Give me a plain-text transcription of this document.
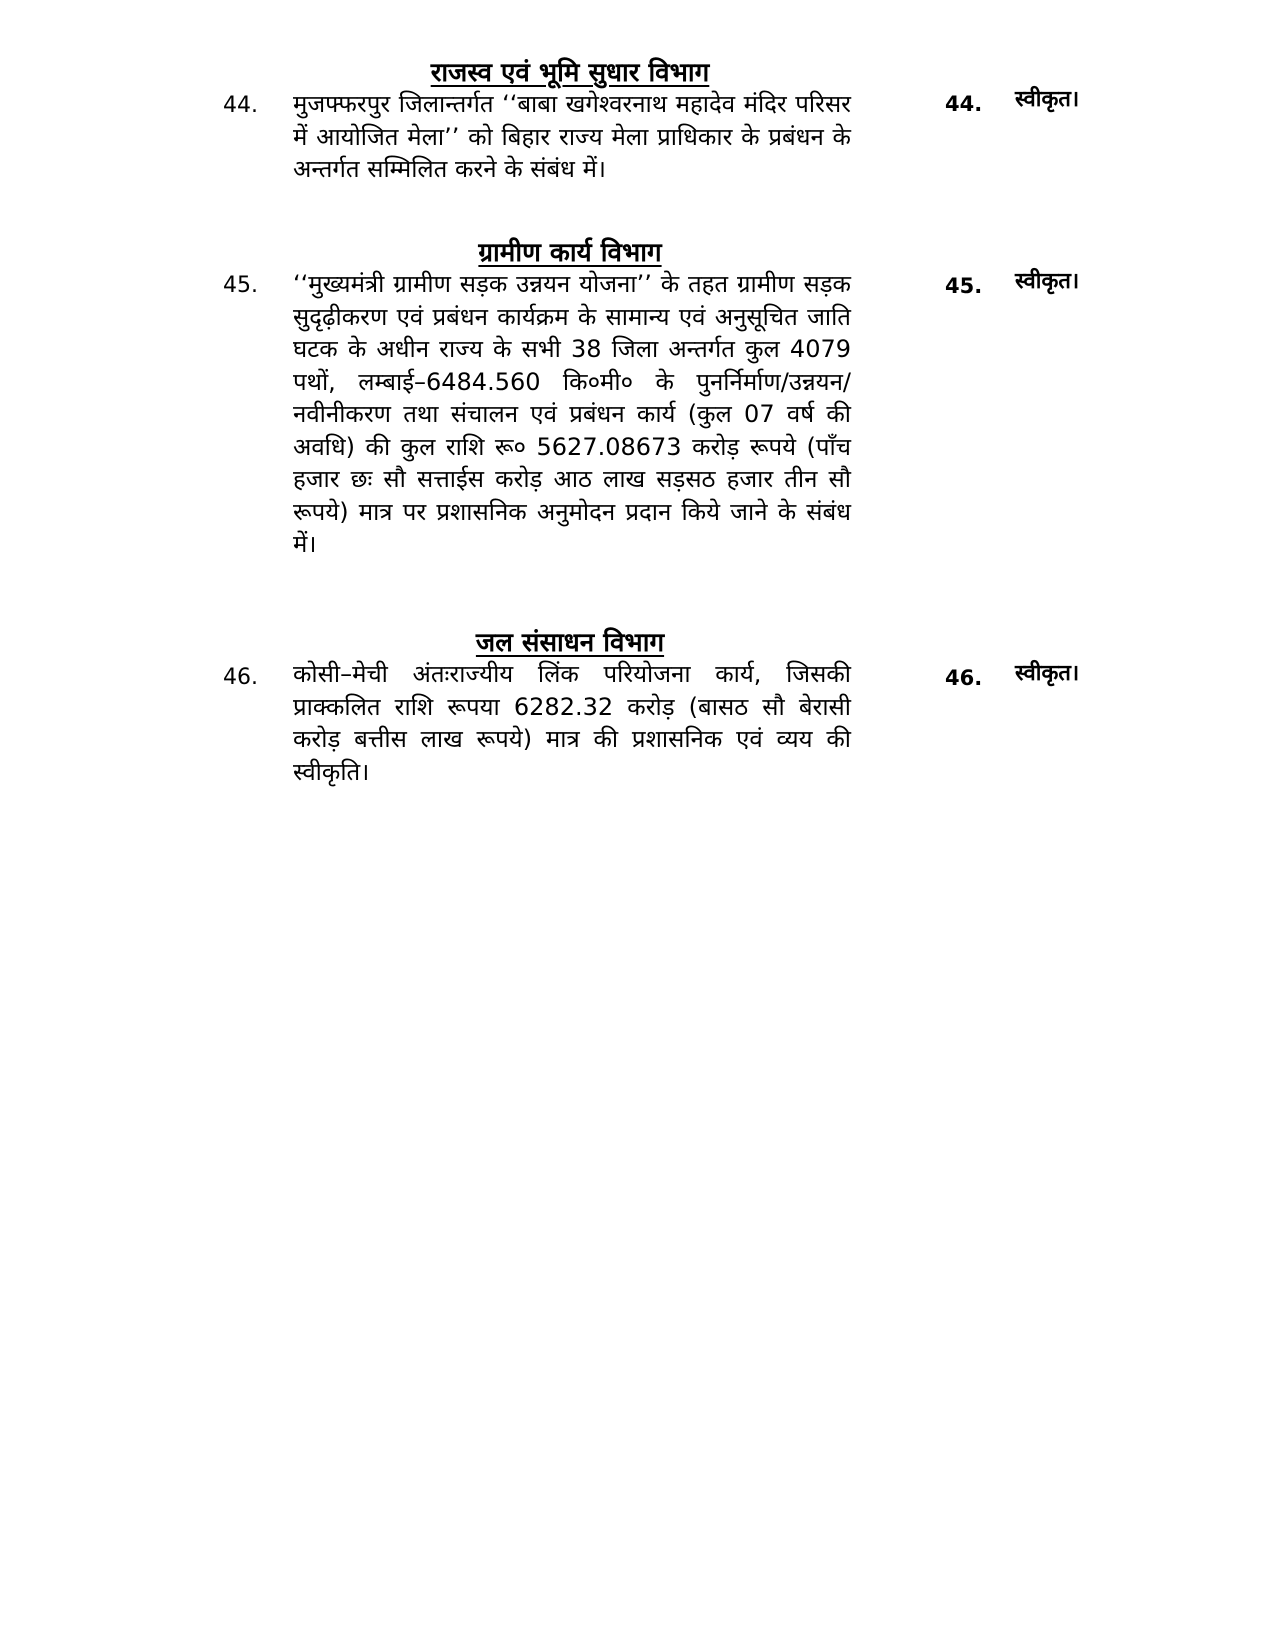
राजस्व एवं भूमि सुधार विभाग
44.	मुजफ्फरपुर जिलान्तर्गत ‘‘बाबा खगेश्वरनाथ महादेव मंदिर परिसर में आयोजित मेला’’ को बिहार राज्य मेला प्राधिकार के प्रबंधन के अन्तर्गत सम्मिलित करने के संबंध में।
44.	स्वीकृत।
ग्रामीण कार्य विभाग
45.	‘‘मुख्यमंत्री ग्रामीण सड़क उन्नयन योजना’’ के तहत ग्रामीण सड़क सुदृढ़ीकरण एवं प्रबंधन कार्यक्रम के सामान्य एवं अनुसूचित जाति घटक के अधीन राज्य के सभी 38 जिला अन्तर्गत कुल 4079 पथों, लम्बाई–6484.560 कि०मी० के पुनर्निर्माण/उन्नयन/नवीनीकरण तथा संचालन एवं प्रबंधन कार्य (कुल 07 वर्ष की अवधि) की कुल राशि रू० 5627.08673 करोड़ रूपये (पाँच हजार छः सौ सत्ताईस करोड़ आठ लाख सड़सठ हजार तीन सौ रूपये) मात्र पर प्रशासनिक अनुमोदन प्रदान किये जाने के संबंध में।
45.	स्वीकृत।
जल संसाधन विभाग
46.	कोसी–मेची अंतःराज्यीय लिंक परियोजना कार्य, जिसकी प्राक्कलित राशि रूपया 6282.32 करोड़ (बासठ सौ बेरासी करोड़ बत्तीस लाख रूपये) मात्र की प्रशासनिक एवं व्यय की स्वीकृति।
46.	स्वीकृत।
